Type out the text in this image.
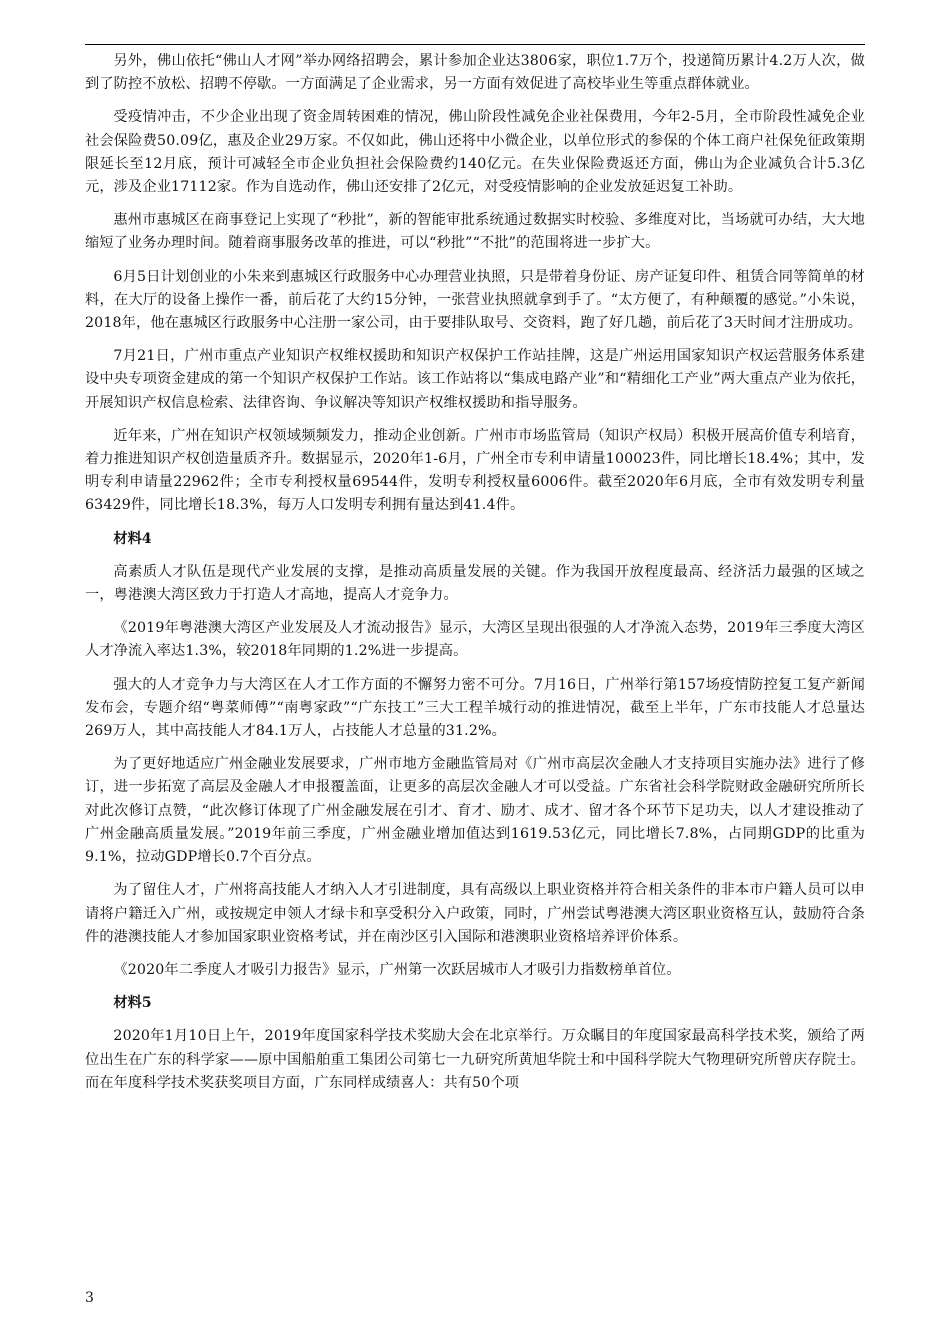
另外，佛山依托“佛山人才网”举办网络招聘会，累计参加企业达3806家，职位1.7万个，投递简历累计4.2万人次，做到了防控不放松、招聘不停歇。一方面满足了企业需求，另一方面有效促进了高校毕业生等重点群体就业。

受疫情冲击，不少企业出现了资金周转困难的情况，佛山阶段性减免企业社保费用，今年2-5月，全市阶段性减免企业社会保险费50.09亿，惠及企业29万家。不仅如此，佛山还将中小微企业，以单位形式的参保的个体工商户社保免征政策期限延长至12月底，预计可减轻全市企业负担社会保险费约140亿元。在失业保险费返还方面，佛山为企业减负合计5.3亿元，涉及企业17112家。作为自选动作，佛山还安排了2亿元，对受疫情影响的企业发放延迟复工补助。

惠州市惠城区在商事登记上实现了“秒批”，新的智能审批系统通过数据实时校验、多维度对比，当场就可办结，大大地缩短了业务办理时间。随着商事服务改革的推进，可以“秒批”“不批”的范围将进一步扩大。

6月5日计划创业的小朱来到惠城区行政服务中心办理营业执照，只是带着身份证、房产证复印件、租赁合同等简单的材料，在大厅的设备上操作一番，前后花了大约15分钟，一张营业执照就拿到手了。“太方便了，有种颠覆的感觉。”小朱说，2018年，他在惠城区行政服务中心注册一家公司，由于要排队取号、交资料，跑了好几趟，前后花了3天时间才注册成功。

7月21日，广州市重点产业知识产权维权援助和知识产权保护工作站挂牌，这是广州运用国家知识产权运营服务体系建设中央专项资金建成的第一个知识产权保护工作站。该工作站将以“集成电路产业”和“精细化工产业”两大重点产业为依托，开展知识产权信息检索、法律咨询、争议解决等知识产权维权援助和指导服务。

近年来，广州在知识产权领域频频发力，推动企业创新。广州市市场监管局（知识产权局）积极开展高价值专利培育，着力推进知识产权创造量质齐升。数据显示，2020年1-6月，广州全市专利申请量100023件，同比增长18.4%；其中，发明专利申请量22962件；全市专利授权量69544件，发明专利授权量6006件。截至2020年6月底，全市有效发明专利量63429件，同比增长18.3%，每万人口发明专利拥有量达到41.4件。

材料4

高素质人才队伍是现代产业发展的支撑，是推动高质量发展的关键。作为我国开放程度最高、经济活力最强的区域之一，粤港澳大湾区致力于打造人才高地，提高人才竞争力。

《2019年粤港澳大湾区产业发展及人才流动报告》显示，大湾区呈现出很强的人才净流入态势，2019年三季度大湾区人才净流入率达1.3%，较2018年同期的1.2%进一步提高。

强大的人才竞争力与大湾区在人才工作方面的不懈努力密不可分。7月16日，广州举行第157场疫情防控复工复产新闻发布会，专题介绍“粤菜师傅”“南粤家政”“广东技工”三大工程羊城行动的推进情况，截至上半年，广东市技能人才总量达269万人，其中高技能人才84.1万人，占技能人才总量的31.2%。

为了更好地适应广州金融业发展要求，广州市地方金融监管局对《广州市高层次金融人才支持项目实施办法》进行了修订，进一步拓宽了高层及金融人才申报覆盖面，让更多的高层次金融人才可以受益。广东省社会科学院财政金融研究所所长对此次修订点赞，“此次修订体现了广州金融发展在引才、育才、励才、成才、留才各个环节下足功夫，以人才建设推动了广州金融高质量发展。”2019年前三季度，广州金融业增加值达到1619.53亿元，同比增长7.8%，占同期GDP的比重为9.1%，拉动GDP增长0.7个百分点。

为了留住人才，广州将高技能人才纳入人才引进制度，具有高级以上职业资格并符合相关条件的非本市户籍人员可以申请将户籍迁入广州，或按规定申领人才绿卡和享受积分入户政策，同时，广州尝试粤港澳大湾区职业资格互认，鼓励符合条件的港澳技能人才参加国家职业资格考试，并在南沙区引入国际和港澳职业资格培养评价体系。

《2020年二季度人才吸引力报告》显示，广州第一次跃居城市人才吸引力指数榜单首位。

材料5

2020年1月10日上午，2019年度国家科学技术奖励大会在北京举行。万众瞩目的年度国家最高科学技术奖，颁给了两位出生在广东的科学家——原中国船舶重工集团公司第七一九研究所黄旭华院士和中国科学院大气物理研究所曾庆存院士。而在年度科学技术奖获奖项目方面，广东同样成绩喜人：共有50个项

3
